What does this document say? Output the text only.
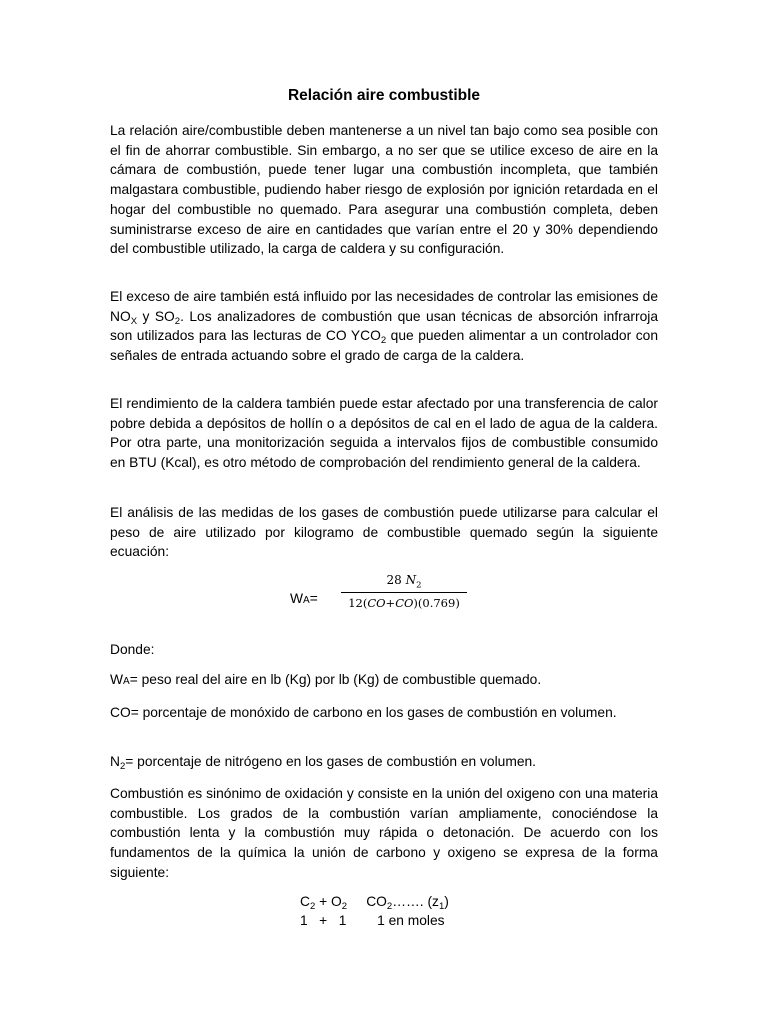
Relación aire combustible

La relación aire/combustible deben mantenerse a un nivel tan bajo como sea posible con el fin de ahorrar combustible. Sin embargo, a no ser que se utilice exceso de aire en la cámara de combustión, puede tener lugar una combustión incompleta, que también malgastara combustible, pudiendo haber riesgo de explosión por ignición retardada en el hogar del combustible no quemado. Para asegurar una combustión completa, deben suministrarse exceso de aire en cantidades que varían entre el 20 y 30% dependiendo del combustible utilizado, la carga de caldera y su configuración.

El exceso de aire también está influido por las necesidades de controlar las emisiones de $NO_X$ y $SO_2$. Los analizadores de combustión que usan técnicas de absorción infrarroja son utilizados para las lecturas de CO $YCO_2$ que pueden alimentar a un controlador con señales de entrada actuando sobre el grado de carga de la caldera.

El rendimiento de la caldera también puede estar afectado por una transferencia de calor pobre debida a depósitos de hollín o a depósitos de cal en el lado de agua de la caldera. Por otra parte, una monitorización seguida a intervalos fijos de combustible consumido en BTU (Kcal), es otro método de comprobación del rendimiento general de la caldera.

El análisis de las medidas de los gases de combustión puede utilizarse para calcular el peso de aire utilizado por kilogramo de combustible quemado según la siguiente ecuación:

WA=
28 $N_2$
12(CO+CO)(0.769)

Donde:

WA= peso real del aire en lb (Kg) por lb (Kg) de combustible quemado.

CO= porcentaje de monóxido de carbono en los gases de combustión en volumen.

$N_2=$ porcentaje de nitrógeno en los gases de combustión en volumen.

Combustión es sinónimo de oxidación y consiste en la unión del oxigeno con una materia combustible. Los grados de la combustión varían ampliamente, conociéndose la combustión lenta y la combustión muy rápida o detonación. De acuerdo con los fundamentos de la química la unión de carbono y oxigeno se expresa de la forma siguiente:

$C_2 + O_2$     $CO_2\dots\dots$. $(z_1)$
1   +   1        1 en moles
